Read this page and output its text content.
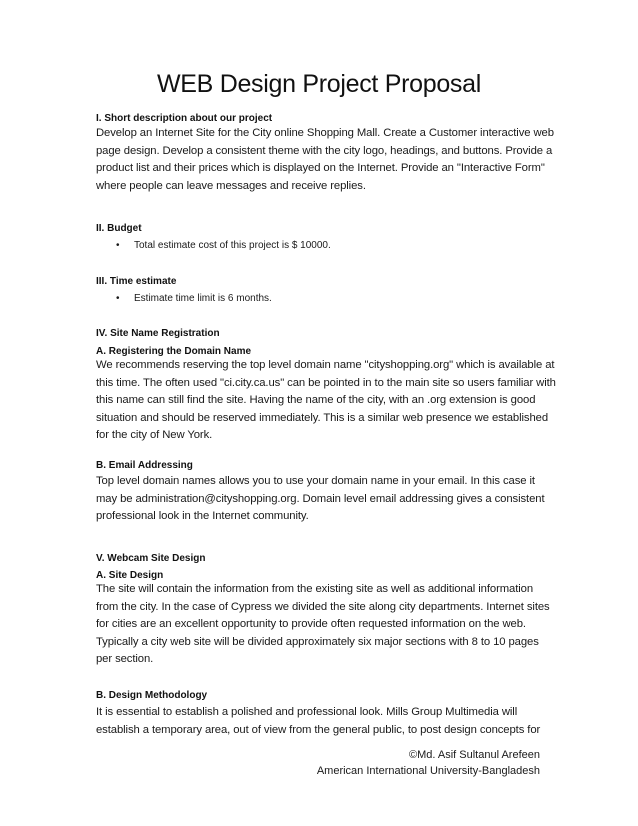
WEB Design Project Proposal
I. Short description about our project
Develop an Internet Site for the City online Shopping Mall. Create a Customer interactive web page design. Develop a consistent theme with the city logo, headings, and buttons. Provide a product list and their prices which is displayed on the Internet. Provide an "Interactive Form" where people can leave messages and receive replies.
II. Budget
• Total estimate cost of this project is $ 10000.
III. Time estimate
• Estimate time limit is 6 months.
IV. Site Name Registration
A. Registering the Domain Name
We recommends reserving the top level domain name "cityshopping.org" which is available at this time. The often used "ci.city.ca.us" can be pointed in to the main site so users familiar with this name can still find the site. Having the name of the city, with an .org extension is good situation and should be reserved immediately. This is a similar web presence we established for the city of New York.
B. Email Addressing
Top level domain names allows you to use your domain name in your email. In this case it may be administration@cityshopping.org. Domain level email addressing gives a consistent professional look in the Internet community.
V. Webcam Site Design
A. Site Design
The site will contain the information from the existing site as well as additional information from the city. In the case of Cypress we divided the site along city departments. Internet sites for cities are an excellent opportunity to provide often requested information on the web. Typically a city web site will be divided approximately six major sections with 8 to 10 pages per section.
B. Design Methodology
It is essential to establish a polished and professional look. Mills Group Multimedia will establish a temporary area, out of view from the general public, to post design concepts for
©Md. Asif Sultanul Arefeen
American International University-Bangladesh
